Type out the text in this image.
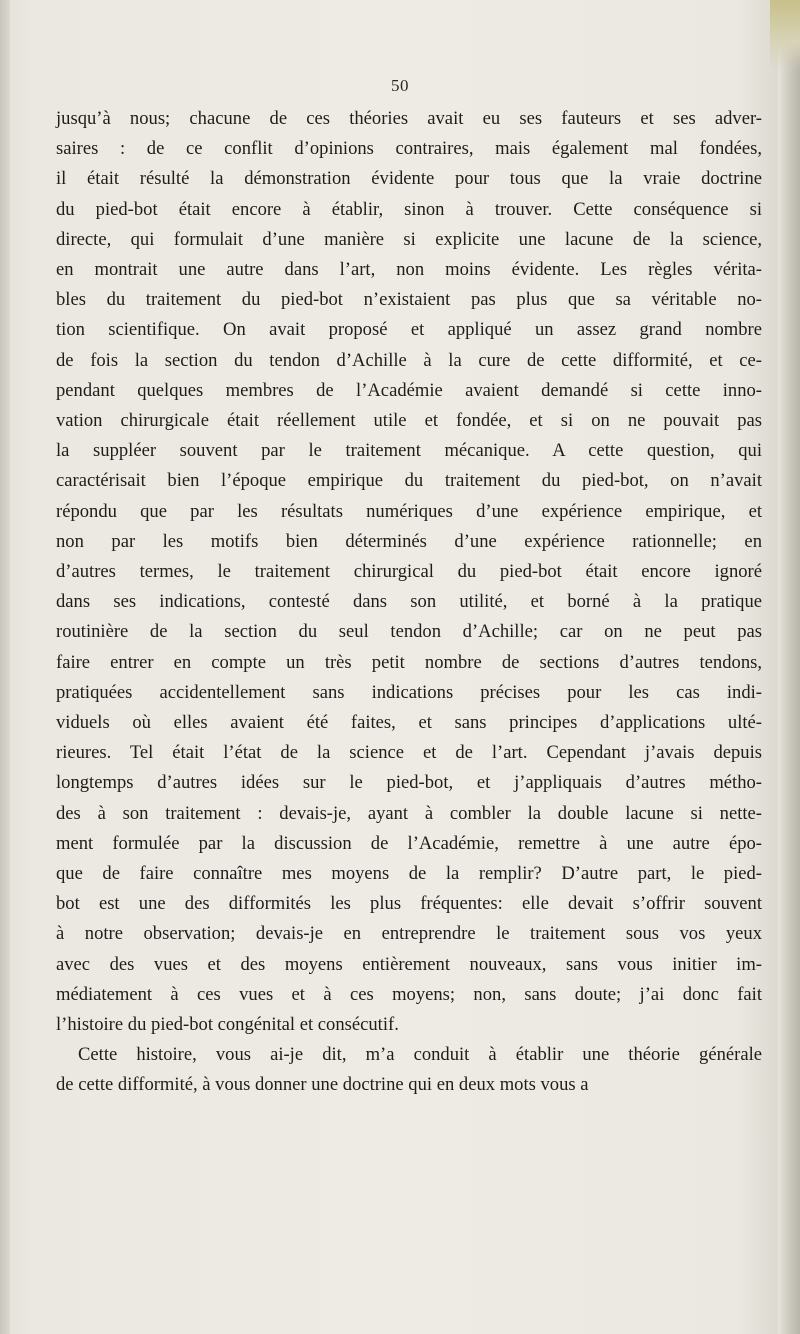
50
jusqu’à nous; chacune de ces théories avait eu ses fauteurs et ses adver-
saires : de ce conflit d’opinions contraires, mais également mal fondées,
il était résulté la démonstration évidente pour tous que la vraie doctrine
du pied-bot était encore à établir, sinon à trouver. Cette conséquence si
directe, qui formulait d’une manière si explicite une lacune de la science,
en montrait une autre dans l’art, non moins évidente. Les règles vérita-
bles du traitement du pied-bot n’existaient pas plus que sa véritable no-
tion scientifique. On avait proposé et appliqué un assez grand nombre
de fois la section du tendon d’Achille à la cure de cette difformité, et ce-
pendant quelques membres de l’Académie avaient demandé si cette inno-
vation chirurgicale était réellement utile et fondée, et si on ne pouvait pas
la suppléer souvent par le traitement mécanique. A cette question, qui
caractérisait bien l’époque empirique du traitement du pied-bot, on n’avait
répondu que par les résultats numériques d’une expérience empirique, et
non par les motifs bien déterminés d’une expérience rationnelle; en
d’autres termes, le traitement chirurgical du pied-bot était encore ignoré
dans ses indications, contesté dans son utilité, et borné à la pratique
routinière de la section du seul tendon d’Achille; car on ne peut pas
faire entrer en compte un très petit nombre de sections d’autres tendons,
pratiquées accidentellement sans indications précises pour les cas indi-
viduels où elles avaient été faites, et sans principes d’applications ulté-
rieures. Tel était l’état de la science et de l’art. Cependant j’avais depuis
longtemps d’autres idées sur le pied-bot, et j’appliquais d’autres métho-
des à son traitement : devais-je, ayant à combler la double lacune si nette-
ment formulée par la discussion de l’Académie, remettre à une autre épo-
que de faire connaître mes moyens de la remplir? D’autre part, le pied-
bot est une des difformités les plus fréquentes: elle devait s’offrir souvent
à notre observation; devais-je en entreprendre le traitement sous vos yeux
avec des vues et des moyens entièrement nouveaux, sans vous initier im-
médiatement à ces vues et à ces moyens; non, sans doute; j’ai donc fait
l’histoire du pied-bot congénital et consécutif.
Cette histoire, vous ai-je dit, m’a conduit à établir une théorie générale
de cette difformité, à vous donner une doctrine qui en deux mots vous a
